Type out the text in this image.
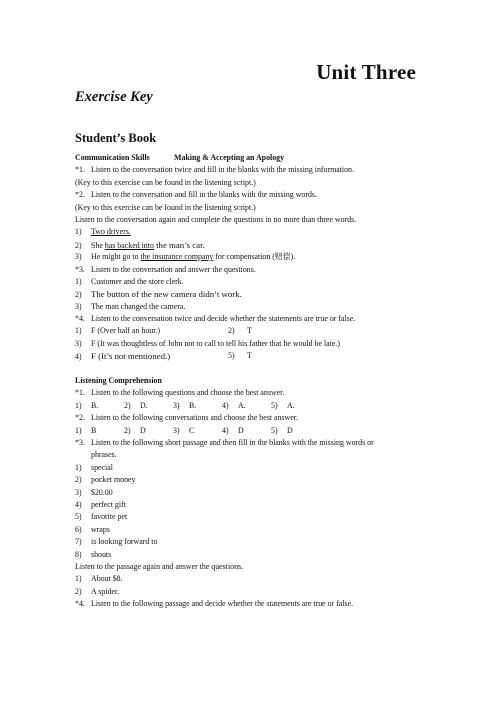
Unit Three
Exercise Key
Student’s Book
Communication Skills	Making & Accepting an Apology
*1. Listen to the conversation twice and fill in the blanks with the missing information.
(Key to this exercise can be found in the listening script.)
*2. Listen to the conversation and fill in the blanks with the missing words.
(Key to this exercise can be found in the listening script.)
Listen to the conversation again and complete the questions in no more than three words.
1) Two drivers.
2) She has backed into the man’s car.
3) He might go to the insurance company for compensation (赔偿).
*3. Listen to the conversation and answer the questions.
1) Customer and the store clerk.
2) The button of the new camera didn’t work.
3) The man changed the camera.
*4. Listen to the conversation twice and decide whether the statements are true or false.
1) F (Over half an hour.)	2) T
3) F (It was thoughtless of John not to call to tell his father that he would be late.)
4) F (It’s not mentioned.)	5) T
Listening Comprehension
*1. Listen to the following questions and choose the best answer.
1) B.	2) D.	3) B.	4) A.	5) A.
*2. Listen to the following conversations and choose the best answer.
1) B	2) D	3) C	4) D	5) D
*3. Listen to the following short passage and then fill in the blanks with the missing words or
phrases.
1) special
2) pocket money
3) $20.00
4) perfect gift
5) favorite pet
6) wraps
7) is looking forward to
8) shouts
Listen to the passage again and answer the questions.
1) About $8.
2) A spider.
*4. Listen to the following passage and decide whether the statements are true or false.
